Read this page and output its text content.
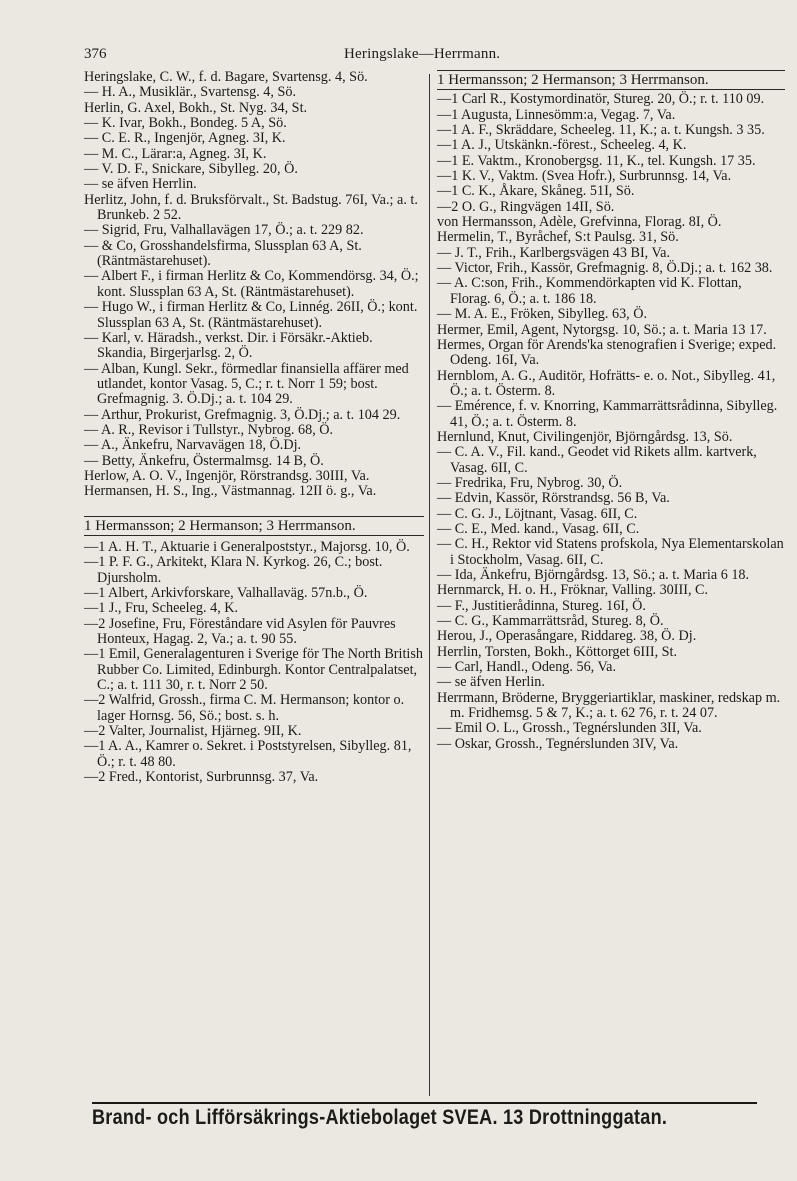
376	Heringslake—Herrmann.

Heringslake, C. W., f. d. Bagare, Svartensg. 4, Sö.

— H. A., Musiklär., Svartensg. 4, Sö.

Herlin, G. Axel, Bokh., St. Nyg. 34, St.

— K. Ivar, Bokh., Bondeg. 5 A, Sö.

— C. E. R., Ingenjör, Agneg. 3I, K.

— M. C., Lärar:a, Agneg. 3I, K.

— V. D. F., Snickare, Sibylleg. 20, Ö.

— se äfven Herrlin.

Herlitz, John, f. d. Bruksförvalt., St. Badstug. 76I, Va.; a. t. Brunkeb. 2 52.

— Sigrid, Fru, Valhallavägen 17, Ö.; a. t. 229 82.

— & Co, Grosshandelsfirma, Slussplan 63 A, St. (Räntmästarehuset).

— Albert F., i firman Herlitz & Co, Kommendörsg. 34, Ö.; kont. Slussplan 63 A, St. (Räntmästarehuset).

— Hugo W., i firman Herlitz & Co, Linnég. 26II, Ö.; kont. Slussplan 63 A, St. (Räntmästarehuset).

— Karl, v. Häradsh., verkst. Dir. i Försäkr.-Aktieb. Skandia, Birgerjarlsg. 2, Ö.

— Alban, Kungl. Sekr., förmedlar finansiella affärer med utlandet, kontor Vasag. 5, C.; r. t. Norr 1 59; bost. Grefmagnig. 3. Ö.Dj.; a. t. 104 29.

— Arthur, Prokurist, Grefmagnig. 3, Ö.Dj.; a. t. 104 29.

— A. R., Revisor i Tullstyr., Nybrog. 68, Ö.

— A., Änkefru, Narvavägen 18, Ö.Dj.

— Betty, Änkefru, Östermalmsg. 14 B, Ö.

Herlow, A. O. V., Ingenjör, Rörstrandsg. 30III, Va.

Hermansen, H. S., Ing., Västmannag. 12II ö. g., Va.

1 Hermansson; 2 Hermanson; 3 Herrmanson.

—1 A. H. T., Aktuarie i Generalpoststyr., Majorsg. 10, Ö.

—1 P. F. G., Arkitekt, Klara N. Kyrkog. 26, C.; bost. Djursholm.

—1 Albert, Arkivforskare, Valhallaväg. 57n.b., Ö.

—1 J., Fru, Scheeleg. 4, K.

—2 Josefine, Fru, Föreståndare vid Asylen för Pauvres Honteux, Hagag. 2, Va.; a. t. 90 55.

—1 Emil, Generalagenturen i Sverige för The North British Rubber Co. Limited, Edinburgh. Kontor Centralpalatset, C.; a. t. 111 30, r. t. Norr 2 50.

—2 Walfrid, Grossh., firma C. M. Hermanson; kontor o. lager Hornsg. 56, Sö.; bost. s. h.

—2 Valter, Journalist, Hjärneg. 9II, K.

—1 A. A., Kamrer o. Sekret. i Poststyrelsen, Sibylleg. 81, Ö.; r. t. 48 80.

—2 Fred., Kontorist, Surbrunnsg. 37, Va.

1 Hermansson; 2 Hermanson; 3 Herrmanson.

—1 Carl R., Kostymordinatör, Stureg. 20, Ö.; r. t. 110 09.

—1 Augusta, Linnesömm:a, Vegag. 7, Va.

—1 A. F., Skräddare, Scheeleg. 11, K.; a. t. Kungsh. 3 35.

—1 A. J., Utskänkn.-förest., Scheeleg. 4, K.

—1 E. Vaktm., Kronobergsg. 11, K., tel. Kungsh. 17 35.

—1 K. V., Vaktm. (Svea Hofr.), Surbrunnsg. 14, Va.

—1 C. K., Åkare, Skåneg. 51I, Sö.

—2 O. G., Ringvägen 14II, Sö.

von Hermansson, Adèle, Grefvinna, Florag. 8I, Ö.

Hermelin, T., Byråchef, S:t Paulsg. 31, Sö.

— J. T., Frih., Karlbergsvägen 43 BI, Va.

— Victor, Frih., Kassör, Grefmagnig. 8, Ö.Dj.; a. t. 162 38.

— A. C:son, Frih., Kommendörkapten vid K. Flottan, Florag. 6, Ö.; a. t. 186 18.

— M. A. E., Fröken, Sibylleg. 63, Ö.

Hermer, Emil, Agent, Nytorgsg. 10, Sö.; a. t. Maria 13 17.

Hermes, Organ för Arends'ka stenografien i Sverige; exped. Odeng. 16I, Va.

Hernblom, A. G., Auditör, Hofrätts- e. o. Not., Sibylleg. 41, Ö.; a. t. Österm. 8.

— Emérence, f. v. Knorring, Kammarrättsrådinna, Sibylleg. 41, Ö.; a. t. Österm. 8.

Hernlund, Knut, Civilingenjör, Björngårdsg. 13, Sö.

— C. A. V., Fil. kand., Geodet vid Rikets allm. kartverk, Vasag. 6II, C.

— Fredrika, Fru, Nybrog. 30, Ö.

— Edvin, Kassör, Rörstrandsg. 56 B, Va.

— C. G. J., Löjtnant, Vasag. 6II, C.

— C. E., Med. kand., Vasag. 6II, C.

— C. H., Rektor vid Statens profskola, Nya Elementarskolan i Stockholm, Vasag. 6II, C.

— Ida, Änkefru, Björngårdsg. 13, Sö.; a. t. Maria 6 18.

Hernmarck, H. o. H., Fröknar, Valling. 30III, C.

— F., Justitierådinna, Stureg. 16I, Ö.

— C. G., Kammarrättsråd, Stureg. 8, Ö.

Herou, J., Operasångare, Riddareg. 38, Ö. Dj.

Herrlin, Torsten, Bokh., Köttorget 6III, St.

— Carl, Handl., Odeng. 56, Va.

— se äfven Herlin.

Herrmann, Bröderne, Bryggeriartiklar, maskiner, redskap m. m. Fridhemsg. 5 & 7, K.; a. t. 62 76, r. t. 24 07.

— Emil O. L., Grossh., Tegnérslunden 3II, Va.

— Oskar, Grossh., Tegnérslunden 3IV, Va.

Brand- och Lifförsäkrings-Aktiebolaget SVEA. 13 Drottninggatan.
